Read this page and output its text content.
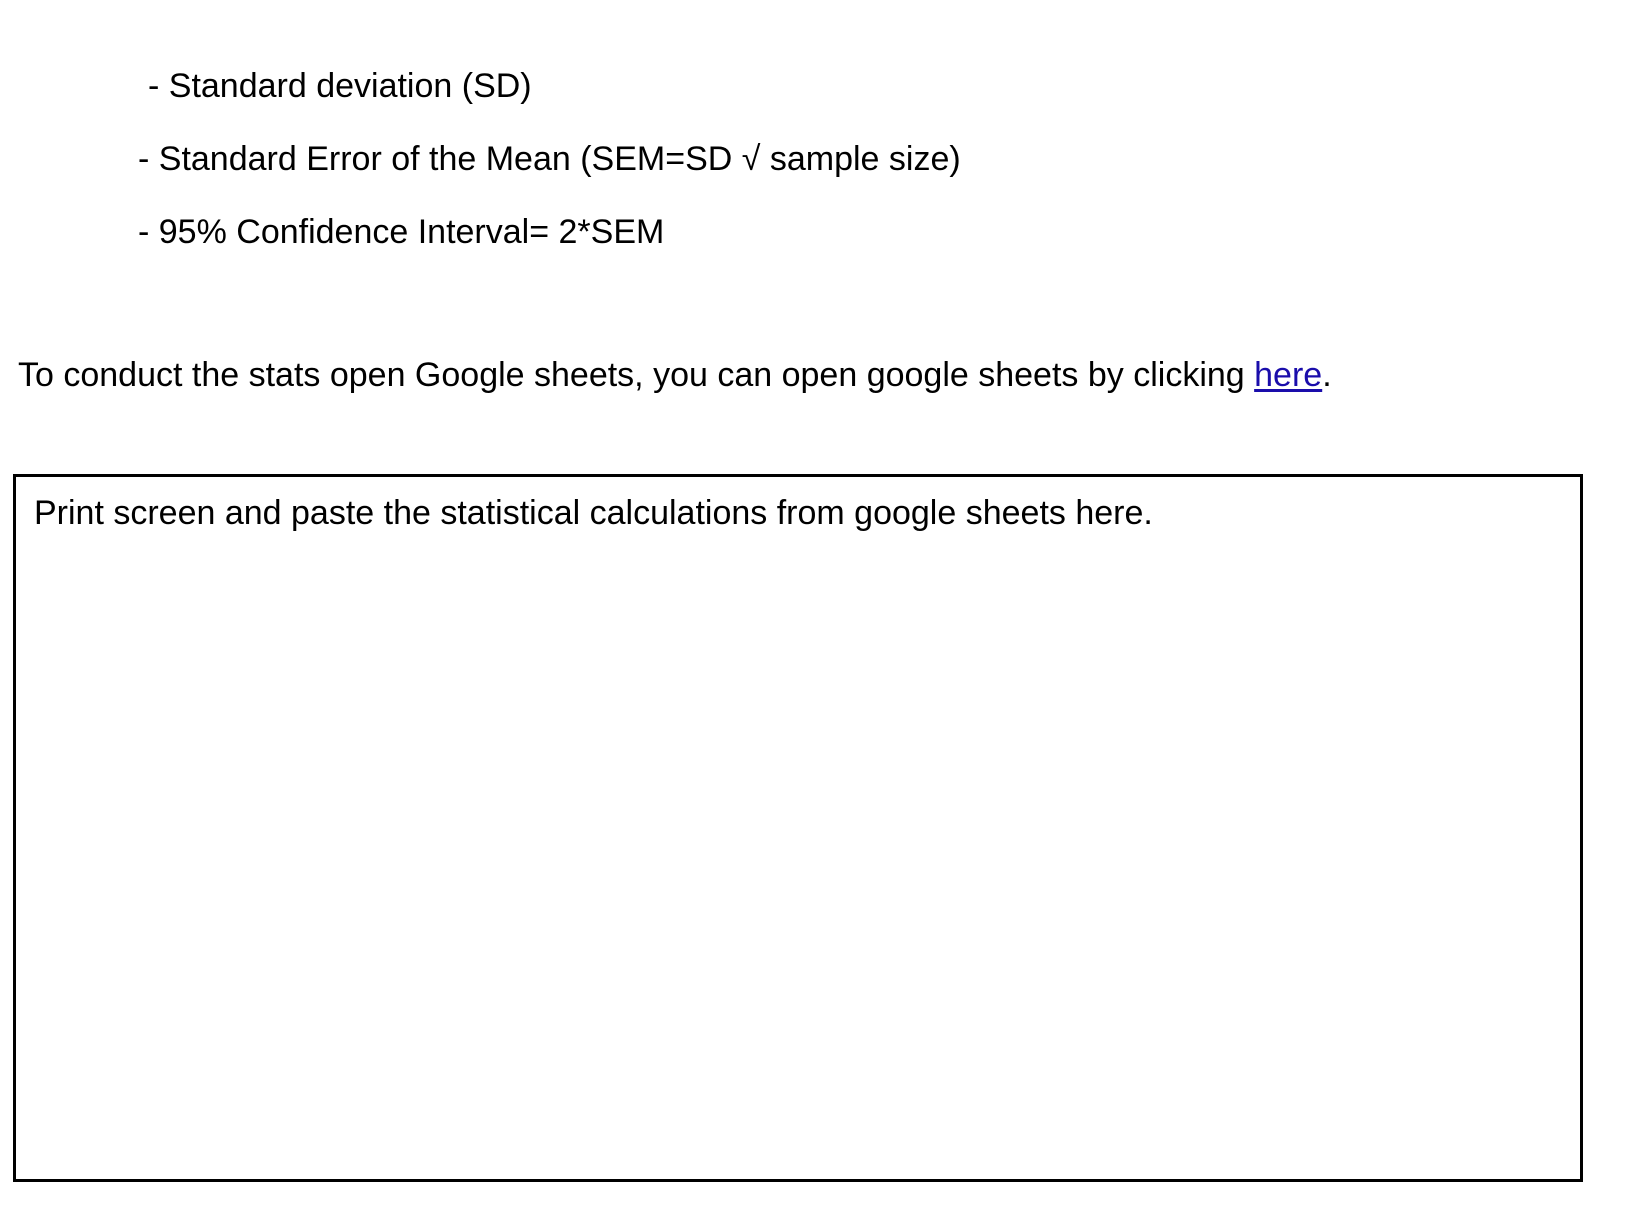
- Standard deviation (SD)
- Standard Error of the Mean (SEM=SD √ sample size)
- 95% Confidence Interval= 2*SEM
To conduct the stats open Google sheets, you can open google sheets by clicking here.
Print screen and paste the statistical calculations from google sheets here.
